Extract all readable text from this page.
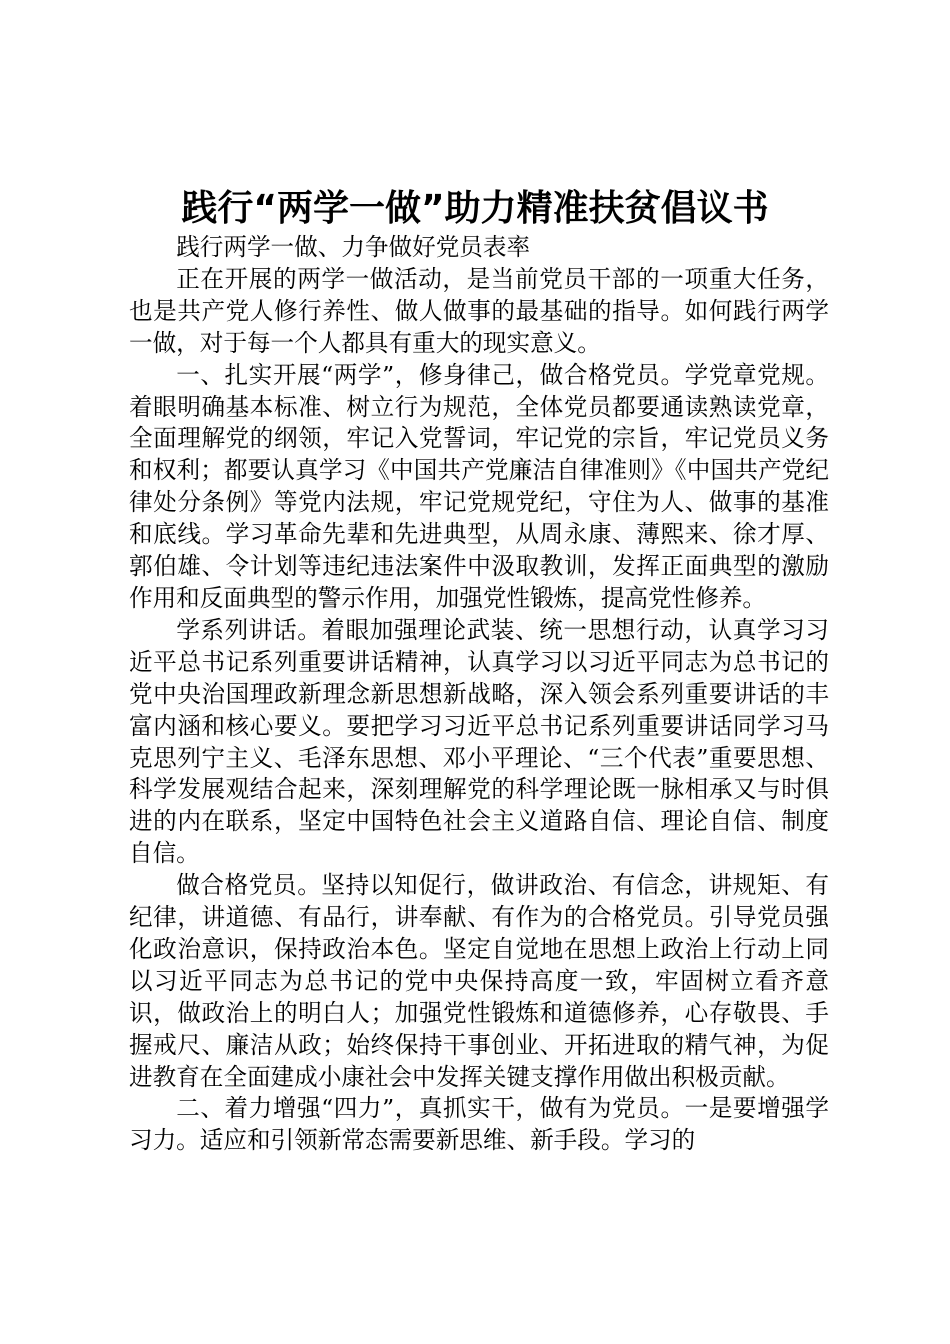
践行“两学一做”助力精准扶贫倡议书

践行两学一做、力争做好党员表率

正在开展的两学一做活动，是当前党员干部的一项重大任务，也是共产党人修行养性、做人做事的最基础的指导。如何践行两学一做，对于每一个人都具有重大的现实意义。

一、扎实开展“两学”，修身律己，做合格党员。学党章党规。着眼明确基本标准、树立行为规范，全体党员都要通读熟读党章，全面理解党的纲领，牢记入党誓词，牢记党的宗旨，牢记党员义务和权利；都要认真学习《中国共产党廉洁自律准则》《中国共产党纪律处分条例》等党内法规，牢记党规党纪，守住为人、做事的基准和底线。学习革命先辈和先进典型，从周永康、薄熙来、徐才厚、郭伯雄、令计划等违纪违法案件中汲取教训，发挥正面典型的激励作用和反面典型的警示作用，加强党性锻炼，提高党性修养。

学系列讲话。着眼加强理论武装、统一思想行动，认真学习习近平总书记系列重要讲话精神，认真学习以习近平同志为总书记的党中央治国理政新理念新思想新战略，深入领会系列重要讲话的丰富内涵和核心要义。要把学习习近平总书记系列重要讲话同学习马克思列宁主义、毛泽东思想、邓小平理论、“三个代表”重要思想、科学发展观结合起来，深刻理解党的科学理论既一脉相承又与时俱进的内在联系，坚定中国特色社会主义道路自信、理论自信、制度自信。

做合格党员。坚持以知促行，做讲政治、有信念，讲规矩、有纪律，讲道德、有品行，讲奉献、有作为的合格党员。引导党员强化政治意识，保持政治本色。坚定自觉地在思想上政治上行动上同以习近平同志为总书记的党中央保持高度一致，牢固树立看齐意识，做政治上的明白人；加强党性锻炼和道德修养，心存敬畏、手握戒尺、廉洁从政；始终保持干事创业、开拓进取的精气神，为促进教育在全面建成小康社会中发挥关键支撑作用做出积极贡献。

二、着力增强“四力”，真抓实干，做有为党员。一是要增强学习力。适应和引领新常态需要新思维、新手段。学习的
